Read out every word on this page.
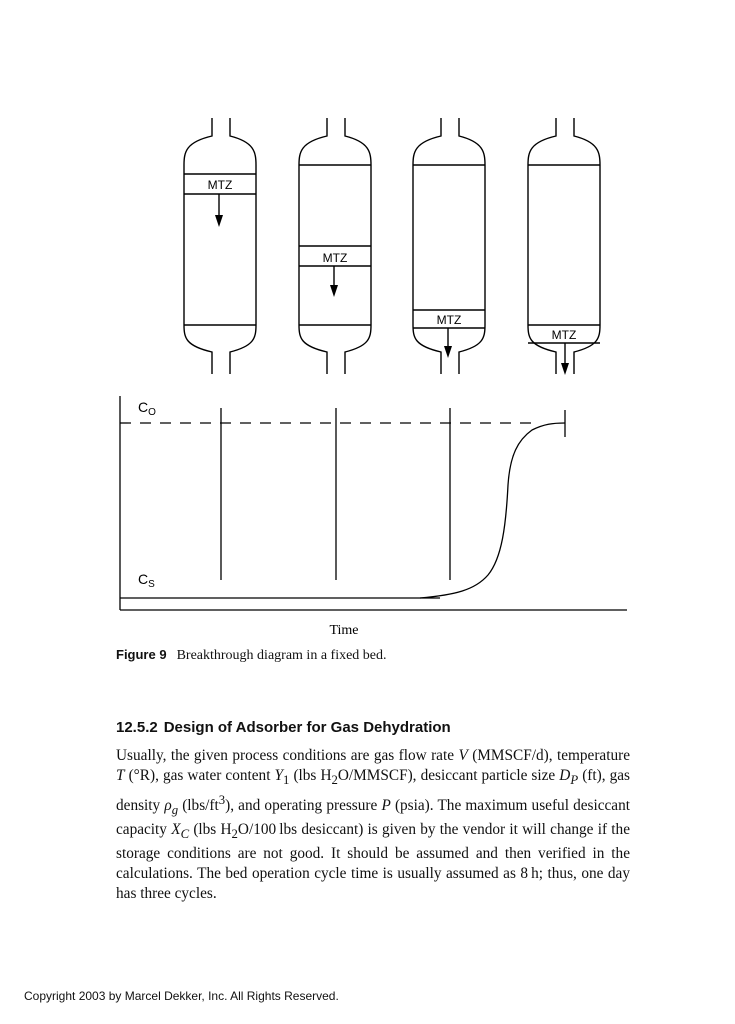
MTZ
MTZ
MTZ
MTZ
$C_O$
$C_S$
Time
Figure 9 Breakthrough diagram in a fixed bed.
12.5.2 Design of Adsorber for Gas Dehydration

Usually, the given process conditions are gas flow rate V (MMSCF/d), temperature T (°R), gas water content $Y_1$ (lbs $H_2O/MMSCF$), desiccant particle size $D_P$ (ft), gas density $\rho_g$ $(lbs/ft^3)$, and operating pressure P (psia). The maximum useful desiccant capacity $X_C$ (lbs $H_2O/100$ lbs desiccant) is given by the vendor it will change if the storage conditions are not good. It should be assumed and then verified in the calculations. The bed operation cycle time is usually assumed as 8 h; thus, one day has three cycles.

Copyright 2003 by Marcel Dekker, Inc. All Rights Reserved.
